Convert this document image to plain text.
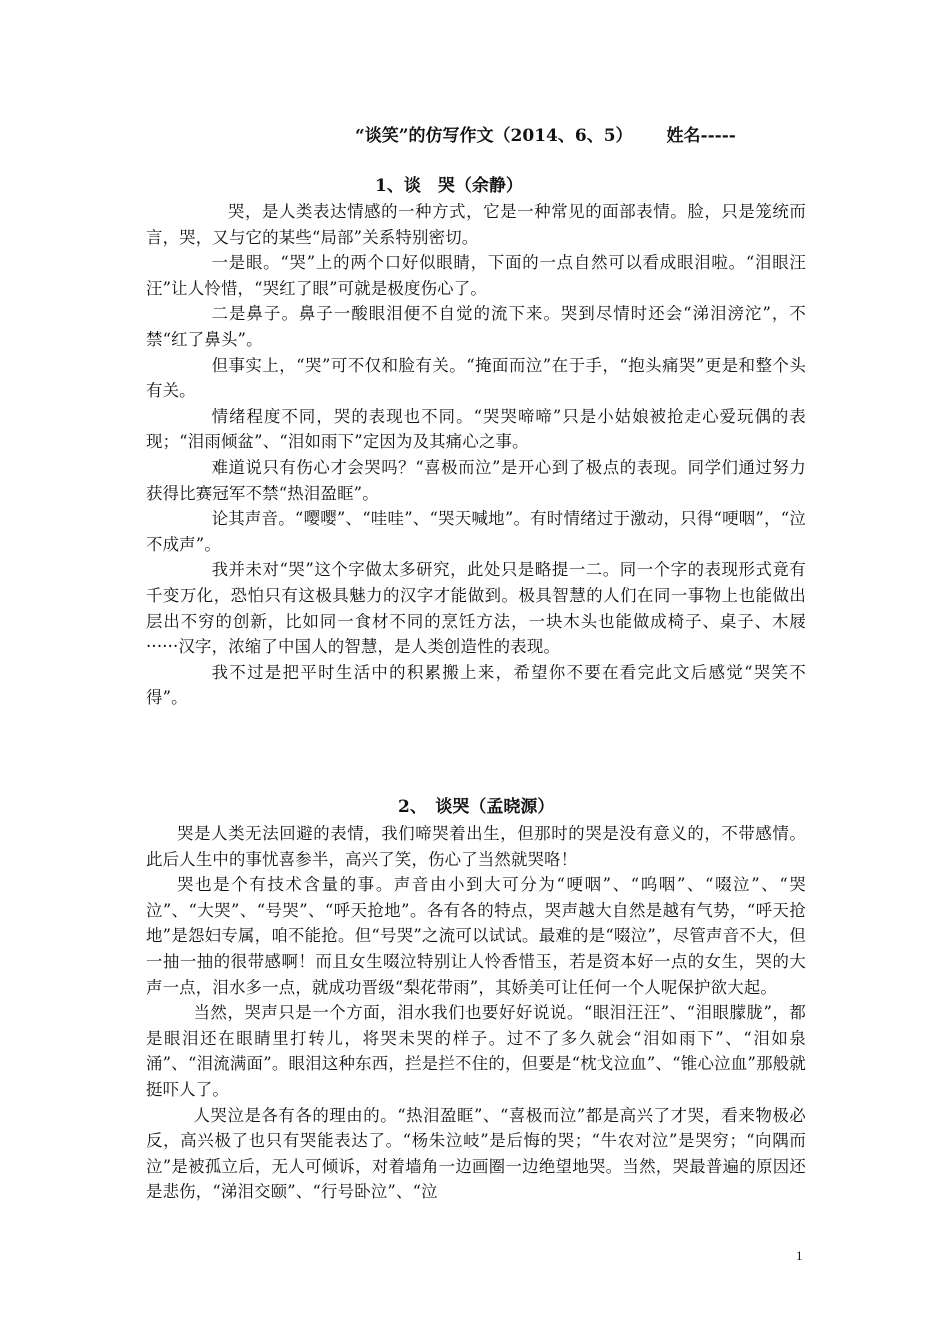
“谈笑”的仿写作文（2014、6、5） 姓名-----
1、谈　哭（余静）

哭，是人类表达情感的一种方式，它是一种常见的面部表情。脸，只是笼统而言，哭，又与它的某些“局部”关系特别密切。

一是眼。“哭”上的两个口好似眼睛，下面的一点自然可以看成眼泪啦。“泪眼汪汪”让人怜惜，“哭红了眼”可就是极度伤心了。

二是鼻子。鼻子一酸眼泪便不自觉的流下来。哭到尽情时还会“涕泪滂沱”，不禁“红了鼻头”。

但事实上，“哭”可不仅和脸有关。“掩面而泣”在于手，“抱头痛哭”更是和整个头有关。

情绪程度不同，哭的表现也不同。“哭哭啼啼”只是小姑娘被抢走心爱玩偶的表现；“泪雨倾盆”、“泪如雨下”定因为及其痛心之事。

难道说只有伤心才会哭吗？“喜极而泣”是开心到了极点的表现。同学们通过努力获得比赛冠军不禁“热泪盈眶”。

论其声音。“嘤嘤”、“哇哇”、“哭天喊地”。有时情绪过于激动，只得“哽咽”，“泣不成声”。

我并未对“哭”这个字做太多研究，此处只是略提一二。同一个字的表现形式竟有千变万化，恐怕只有这极具魅力的汉字才能做到。极具智慧的人们在同一事物上也能做出层出不穷的创新，比如同一食材不同的烹饪方法，一块木头也能做成椅子、桌子、木屐······汉字，浓缩了中国人的智慧，是人类创造性的表现。

我不过是把平时生活中的积累搬上来，希望你不要在看完此文后感觉“哭笑不得”。

2、　谈哭（孟晓源）

哭是人类无法回避的表情，我们啼哭着出生，但那时的哭是没有意义的，不带感情。此后人生中的事忧喜参半，高兴了笑，伤心了当然就哭咯！

哭也是个有技术含量的事。声音由小到大可分为“哽咽”、“呜咽”、“啜泣”、“哭泣”、“大哭”、“号哭”、“呼天抢地”。各有各的特点，哭声越大自然是越有气势，“呼天抢地”是怨妇专属，咱不能抢。但“号哭”之流可以试试。最难的是“啜泣”，尽管声音不大，但一抽一抽的很带感啊！而且女生啜泣特别让人怜香惜玉，若是资本好一点的女生，哭的大声一点，泪水多一点，就成功晋级“梨花带雨”，其娇美可让任何一个人呢保护欲大起。

当然，哭声只是一个方面，泪水我们也要好好说说。“眼泪汪汪”、“泪眼朦胧”，都是眼泪还在眼睛里打转儿，将哭未哭的样子。过不了多久就会“泪如雨下”、“泪如泉涌”、“泪流满面”。眼泪这种东西，拦是拦不住的，但要是“枕戈泣血”、“锥心泣血”那般就挺吓人了。

人哭泣是各有各的理由的。“热泪盈眶”、“喜极而泣”都是高兴了才哭，看来物极必反，高兴极了也只有哭能表达了。“杨朱泣岐”是后悔的哭；“牛农对泣”是哭穷；“向隅而泣”是被孤立后，无人可倾诉，对着墙角一边画圈一边绝望地哭。当然，哭最普遍的原因还是悲伤，“涕泪交颐”、“行号卧泣”、“泣

1
